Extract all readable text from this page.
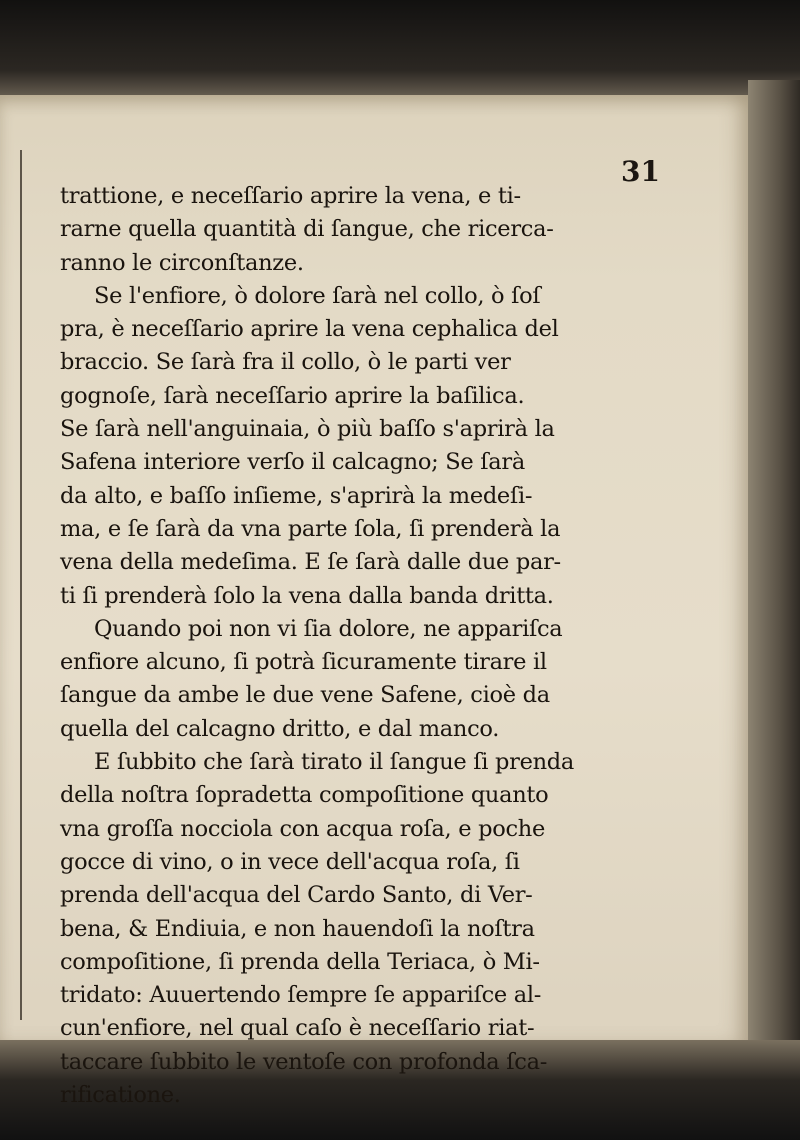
31
trattione, e neceſſario aprire la vena, e ti-
rarne quella quantità di ſangue, che ricerca-
ranno le circonſtanze.
Se l'enfiore, ò dolore ſarà nel collo, ò ſoſ
pra, è neceſſario aprire la vena cephalica del
braccio. Se ſarà fra il collo, ò le parti ver
gognoſe, ſarà neceſſario aprire la baſilica.
Se ſarà nell'anguinaia, ò più baſſo s'aprirà la
Safena interiore verſo il calcagno; Se ſarà
da alto, e baſſo inſieme, s'aprirà la medeſi-
ma, e ſe ſarà da vna parte ſola, ſi prenderà la
vena della medeſima. E ſe ſarà dalle due par-
ti ſi prenderà ſolo la vena dalla banda dritta.
Quando poi non vi ſia dolore, ne appariſca
enfiore alcuno, ſi potrà ſicuramente tirare il
ſangue da ambe le due vene Safene, cioè da
quella del calcagno dritto, e dal manco.
E ſubbito che ſarà tirato il ſangue ſi prenda
della noſtra ſopradetta compoſitione quanto
vna groſſa nocciola con acqua roſa, e poche
gocce di vino, o in vece dell'acqua roſa, ſi
prenda dell'acqua del Cardo Santo, di Ver-
bena, & Endiuia, e non hauendoſi la noſtra
compoſitione, ſi prenda della Teriaca, ò Mi-
tridato: Auuertendo ſempre ſe appariſce al-
cun'enfiore, nel qual caſo è neceſſario riat-
taccare ſubbito le ventoſe con profonda ſca-
rificatione.
